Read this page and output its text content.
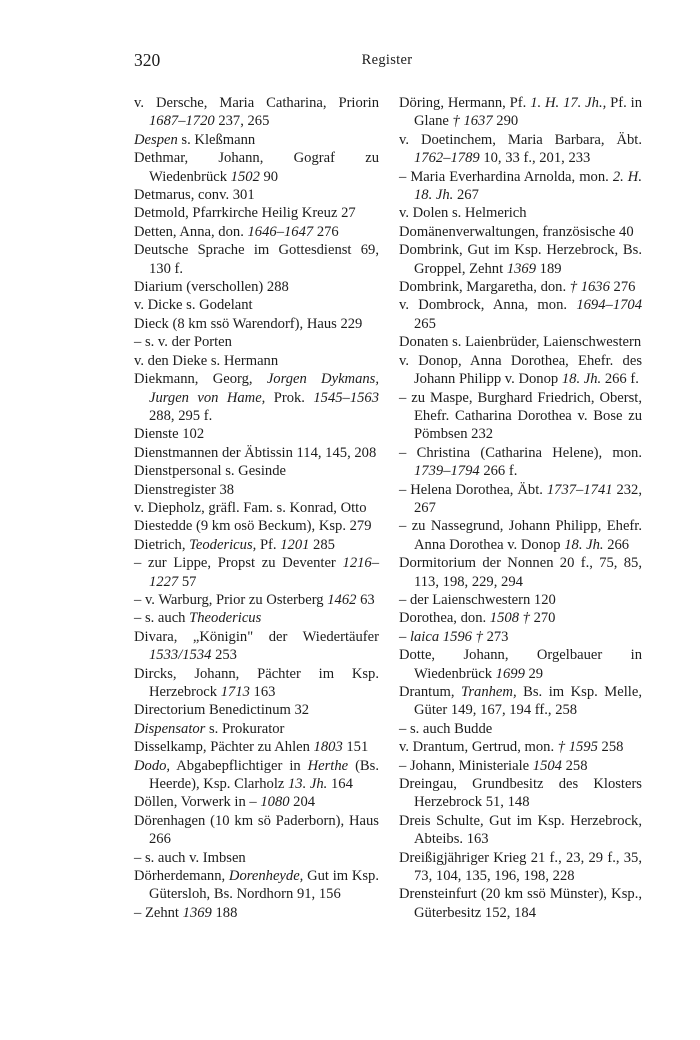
320	Register
v. Dersche, Maria Catharina, Priorin 1687–1720 237, 265
Despen s. Kleßmann
Dethmar, Johann, Gograf zu Wiedenbrück 1502 90
Detmarus, conv. 301
Detmold, Pfarrkirche Heilig Kreuz 27
Detten, Anna, don. 1646–1647 276
Deutsche Sprache im Gottesdienst 69, 130 f.
Diarium (verschollen) 288
v. Dicke s. Godelant
Dieck (8 km ssö Warendorf), Haus 229
– s. v. der Porten
v. den Dieke s. Hermann
Diekmann, Georg, Jorgen Dykmans, Jurgen von Hame, Prok. 1545–1563 288, 295 f.
Dienste 102
Dienstmannen der Äbtissin 114, 145, 208
Dienstpersonal s. Gesinde
Dienstregister 38
v. Diepholz, gräfl. Fam. s. Konrad, Otto
Diestedde (9 km osö Beckum), Ksp. 279
Dietrich, Teodericus, Pf. 1201 285
– zur Lippe, Propst zu Deventer 1216–1227 57
– v. Warburg, Prior zu Osterberg 1462 63
– s. auch Theodericus
Divara, „Königin" der Wiedertäufer 1533/1534 253
Dircks, Johann, Pächter im Ksp. Herzebrock 1713 163
Directorium Benedictinum 32
Dispensator s. Prokurator
Disselkamp, Pächter zu Ahlen 1803 151
Dodo, Abgabepflichtiger in Herthe (Bs. Heerde), Ksp. Clarholz 13. Jh. 164
Döllen, Vorwerk in – 1080 204
Dörenhagen (10 km sö Paderborn), Haus 266
– s. auch v. Imbsen
Dörherdemann, Dorenheyde, Gut im Ksp. Gütersloh, Bs. Nordhorn 91, 156
– Zehnt 1369 188
Döring, Hermann, Pf. 1. H. 17. Jh., Pf. in Glane † 1637 290
v. Doetinchem, Maria Barbara, Äbt. 1762–1789 10, 33 f., 201, 233
– Maria Everhardina Arnolda, mon. 2. H. 18. Jh. 267
v. Dolen s. Helmerich
Domänenverwaltungen, französische 40
Dombrink, Gut im Ksp. Herzebrock, Bs. Groppel, Zehnt 1369 189
Dombrink, Margaretha, don. † 1636 276
v. Dombrock, Anna, mon. 1694–1704 265
Donaten s. Laienbrüder, Laienschwestern
v. Donop, Anna Dorothea, Ehefr. des Johann Philipp v. Donop 18. Jh. 266 f.
– zu Maspe, Burghard Friedrich, Oberst, Ehefr. Catharina Dorothea v. Bose zu Pömbsen 232
– Christina (Catharina Helene), mon. 1739–1794 266 f.
– Helena Dorothea, Äbt. 1737–1741 232, 267
– zu Nassegrund, Johann Philipp, Ehefr. Anna Dorothea v. Donop 18. Jh. 266
Dormitorium der Nonnen 20 f., 75, 85, 113, 198, 229, 294
– der Laienschwestern 120
Dorothea, don. 1508 † 270
– laica 1596 † 273
Dotte, Johann, Orgelbauer in Wiedenbrück 1699 29
Drantum, Tranhem, Bs. im Ksp. Melle, Güter 149, 167, 194 ff., 258
– s. auch Budde
v. Drantum, Gertrud, mon. † 1595 258
– Johann, Ministeriale 1504 258
Dreingau, Grundbesitz des Klosters Herzebrock 51, 148
Dreis Schulte, Gut im Ksp. Herzebrock, Abteibs. 163
Dreißigjähriger Krieg 21 f., 23, 29 f., 35, 73, 104, 135, 196, 198, 228
Drensteinfurt (20 km ssö Münster), Ksp., Güterbesitz 152, 184
